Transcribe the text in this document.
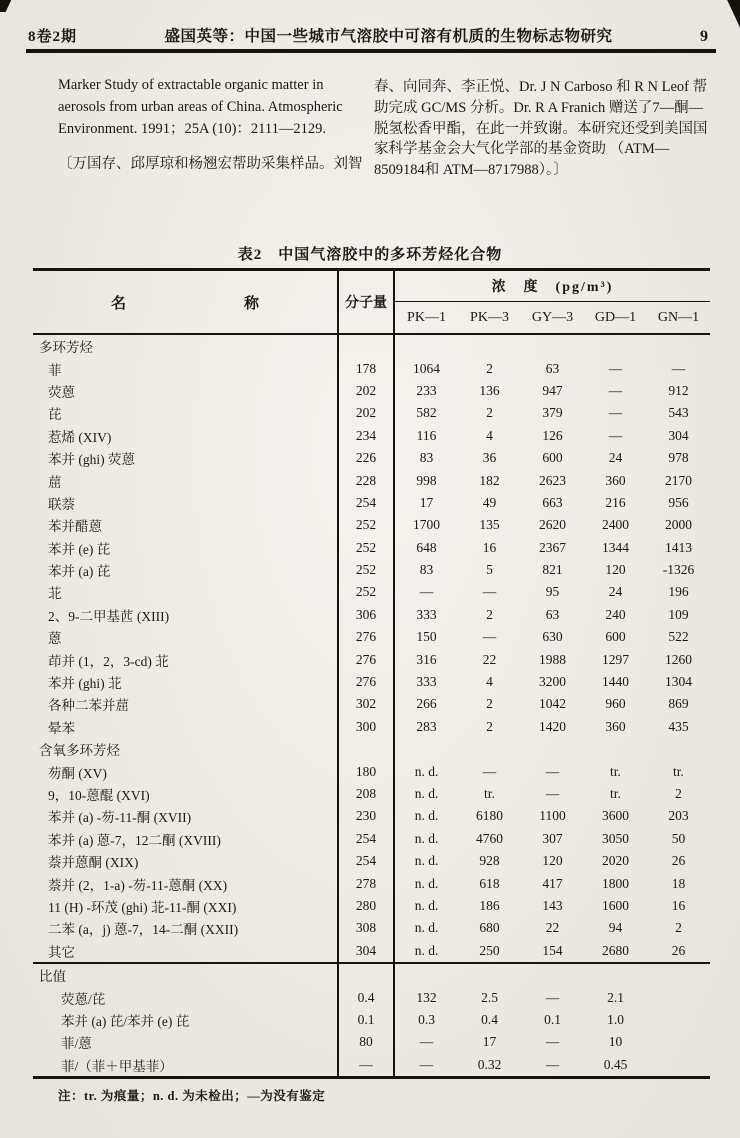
8卷2期	盛国英等：中国一些城市气溶胶中可溶有机质的生物标志物研究	9
Marker Study of extractable organic matter in
aerosols from urban areas of China. Atmospheric
Environment. 1991；25A (10)：2111—2129.
〔万国存、邱厚琼和杨翘宏帮助采集样品。刘智
春、向同奔、李正悦、Dr. J N Carboso 和 R N Leof 帮
助完成 GC/MS 分析。Dr. R A Franich 赠送了7—酮—
脱氢松香甲酯，在此一并致谢。本研究还受到美国国
家科学基金会大气化学部的基金资助 （ATM—
8509184和 ATM—8717988）。〕
表2　中国气溶胶中的多环芳烃化合物
名	称	分子量
浓　度　(pg/m³)
PK—1	PK—3	GY—3	GD—1	GN—1
多环芳烃
菲	178	1064	2	63	—	—
荧蒽	202	233	136	947	—	912
芘	202	582	2	379	—	543
惹烯 (XIV)	234	116	4	126	—	304
苯并 (ghi) 荧蒽	226	83	36	600	24	978
䓛	228	998	182	2623	360	2170
联萘	254	17	49	663	216	956
苯并醋蒽	252	1700	135	2620	2400	2000
苯并 (e) 芘	252	648	16	2367	1344	1413
苯并 (a) 芘	252	83	5	821	120	-1326
苝	252	—	—	95	24	196
2、9-二甲基苉 (XIII)	306	333	2	63	240	109
蒽	276	150	—	630	600	522
茚并 (1，2，3-cd) 苝	276	316	22	1988	1297	1260
苯并 (ghi) 苝	276	333	4	3200	1440	1304
各种二苯并䓛	302	266	2	1042	960	869
晕苯	300	283	2	1420	360	435
含氧多环芳烃
芴酮 (XV)	180	n. d.	—	—	tr.	tr.
9，10-蒽醌 (XVI)	208	n. d.	tr.	—	tr.	2
苯并 (a) -芴-11-酮 (XVII)	230	n. d.	6180	1100	3600	203
苯并 (a) 蒽-7，12二酮 (XVIII)	254	n. d.	4760	307	3050	50
萘并蒽酮 (XIX)	254	n. d.	928	120	2020	26
萘并 (2，1-a) -芴-11-蒽酮 (XX)	278	n. d.	618	417	1800	18
11 (H) -环茂 (ghi) 苝-11-酮 (XXI)	280	n. d.	186	143	1600	16
二苯 (a，j) 蒽-7，14-二酮 (XXII)	308	n. d.	680	22	94	2
其它	304	n. d.	250	154	2680	26
比值
荧蒽/芘	0.4	132	2.5	—	2.1
苯并 (a) 芘/苯并 (e) 芘	0.1	0.3	0.4	0.1	1.0
菲/蒽	80	—	17	—	10
菲/（菲＋甲基菲）	—	—	0.32	—	0.45
注：tr. 为痕量；n. d. 为未检出；—为没有鉴定
